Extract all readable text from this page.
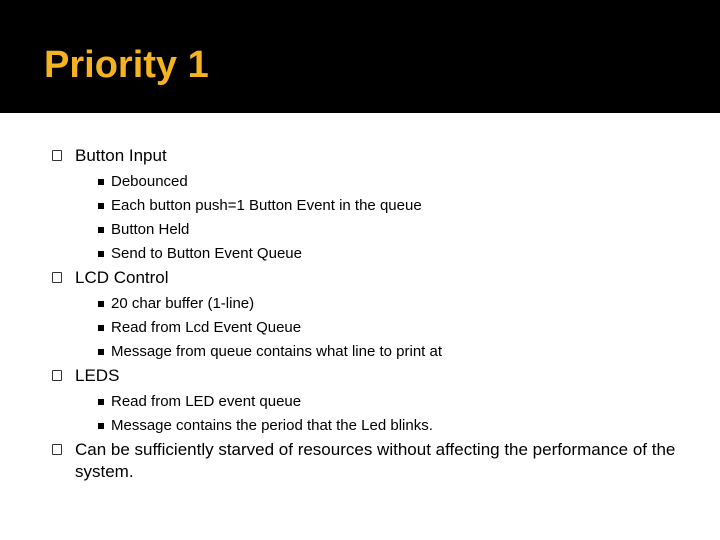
Priority 1
Button Input
Debounced
Each button push=1 Button Event in the queue
Button Held
Send to Button Event Queue
LCD Control
20 char buffer (1-line)
Read from Lcd Event Queue
Message from queue contains what line to print at
LEDS
Read from LED event queue
Message contains the period that the Led blinks.
Can be sufficiently starved of resources without affecting the performance of the system.
